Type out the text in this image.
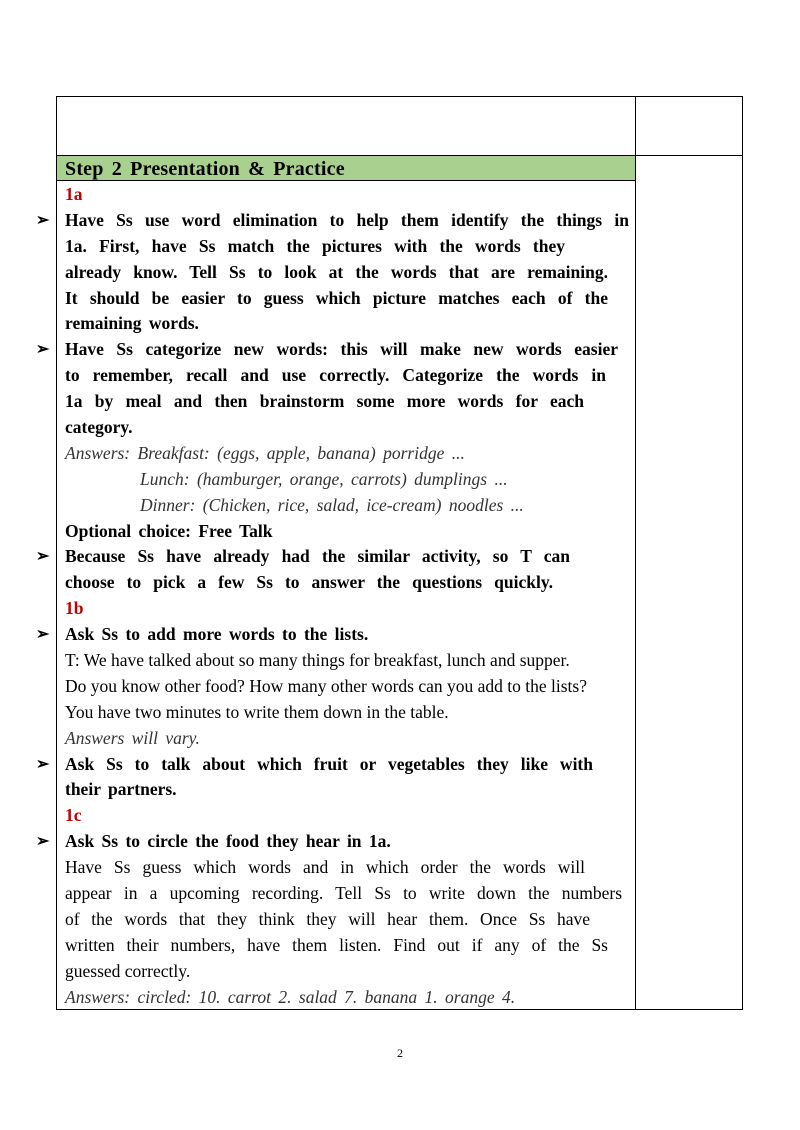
Step 2 Presentation & Practice
1a
➢ Have Ss use word elimination to help them identify the things in
1a. First, have Ss match the pictures with the words they
already know. Tell Ss to look at the words that are remaining.
It should be easier to guess which picture matches each of the
remaining words.
➢ Have Ss categorize new words: this will make new words easier
to remember, recall and use correctly. Categorize the words in
1a by meal and then brainstorm some more words for each
category.
Answers: Breakfast: (eggs, apple, banana) porridge ...
Lunch: (hamburger, orange, carrots) dumplings ...
Dinner: (Chicken, rice, salad, ice-cream) noodles ...
Optional choice: Free Talk
➢ Because Ss have already had the similar activity, so T can
choose to pick a few Ss to answer the questions quickly.
1b
➢ Ask Ss to add more words to the lists.
T: We have talked about so many things for breakfast, lunch and supper.
Do you know other food? How many other words can you add to the lists?
You have two minutes to write them down in the table.
Answers will vary.
➢ Ask Ss to talk about which fruit or vegetables they like with
their partners.
1c
➢ Ask Ss to circle the food they hear in 1a.
Have Ss guess which words and in which order the words will
appear in a upcoming recording. Tell Ss to write down the numbers
of the words that they think they will hear them. Once Ss have
written their numbers, have them listen. Find out if any of the Ss
guessed correctly.
Answers: circled: 10. carrot 2. salad 7. banana 1. orange 4.
2
